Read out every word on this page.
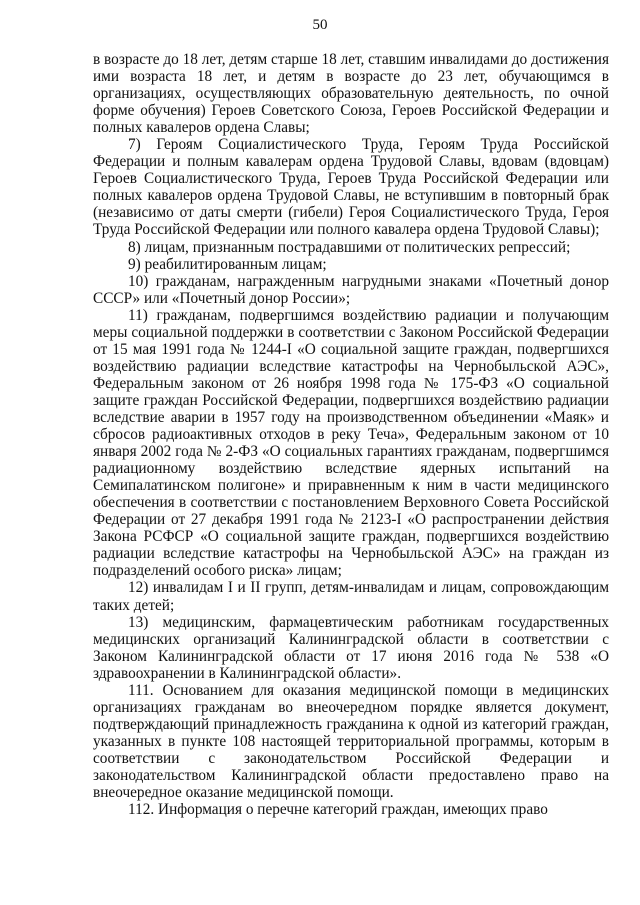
50

в возрасте до 18 лет, детям старше 18 лет, ставшим инвалидами до достижения ими возраста 18 лет, и детям в возрасте до 23 лет, обучающимся в организациях, осуществляющих образовательную деятельность, по очной форме обучения) Героев Советского Союза, Героев Российской Федерации и полных кавалеров ордена Славы;

7) Героям Социалистического Труда, Героям Труда Российской Федерации и полным кавалерам ордена Трудовой Славы, вдовам (вдовцам) Героев Социалистического Труда, Героев Труда Российской Федерации или полных кавалеров ордена Трудовой Славы, не вступившим в повторный брак (независимо от даты смерти (гибели) Героя Социалистического Труда, Героя Труда Российской Федерации или полного кавалера ордена Трудовой Славы);

8) лицам, признанным пострадавшими от политических репрессий;

9) реабилитированным лицам;

10) гражданам, награжденным нагрудными знаками «Почетный донор СССР» или «Почетный донор России»;

11) гражданам, подвергшимся воздействию радиации и получающим меры социальной поддержки в соответствии с Законом Российской Федерации от 15 мая 1991 года № 1244-I «О социальной защите граждан, подвергшихся воздействию радиации вследствие катастрофы на Чернобыльской АЭС», Федеральным законом от 26 ноября 1998 года № 175-ФЗ «О социальной защите граждан Российской Федерации, подвергшихся воздействию радиации вследствие аварии в 1957 году на производственном объединении «Маяк» и сбросов радиоактивных отходов в реку Теча», Федеральным законом от 10 января 2002 года № 2-ФЗ «О социальных гарантиях гражданам, подвергшимся радиационному воздействию вследствие ядерных испытаний на Семипалатинском полигоне» и приравненным к ним в части медицинского обеспечения в соответствии с постановлением Верховного Совета Российской Федерации от 27 декабря 1991 года № 2123-I «О распространении действия Закона РСФСР «О социальной защите граждан, подвергшихся воздействию радиации вследствие катастрофы на Чернобыльской АЭС» на граждан из подразделений особого риска» лицам;

12) инвалидам I и II групп, детям-инвалидам и лицам, сопровождающим таких детей;

13) медицинским, фармацевтическим работникам государственных медицинских организаций Калининградской области в соответствии с Законом Калининградской области от 17 июня 2016 года № 538 «О здравоохранении в Калининградской области».

111. Основанием для оказания медицинской помощи в медицинских организациях гражданам во внеочередном порядке является документ, подтверждающий принадлежность гражданина к одной из категорий граждан, указанных в пункте 108 настоящей территориальной программы, которым в соответствии с законодательством Российской Федерации и законодательством Калининградской области предоставлено право на внеочередное оказание медицинской помощи.

112. Информация о перечне категорий граждан, имеющих право
